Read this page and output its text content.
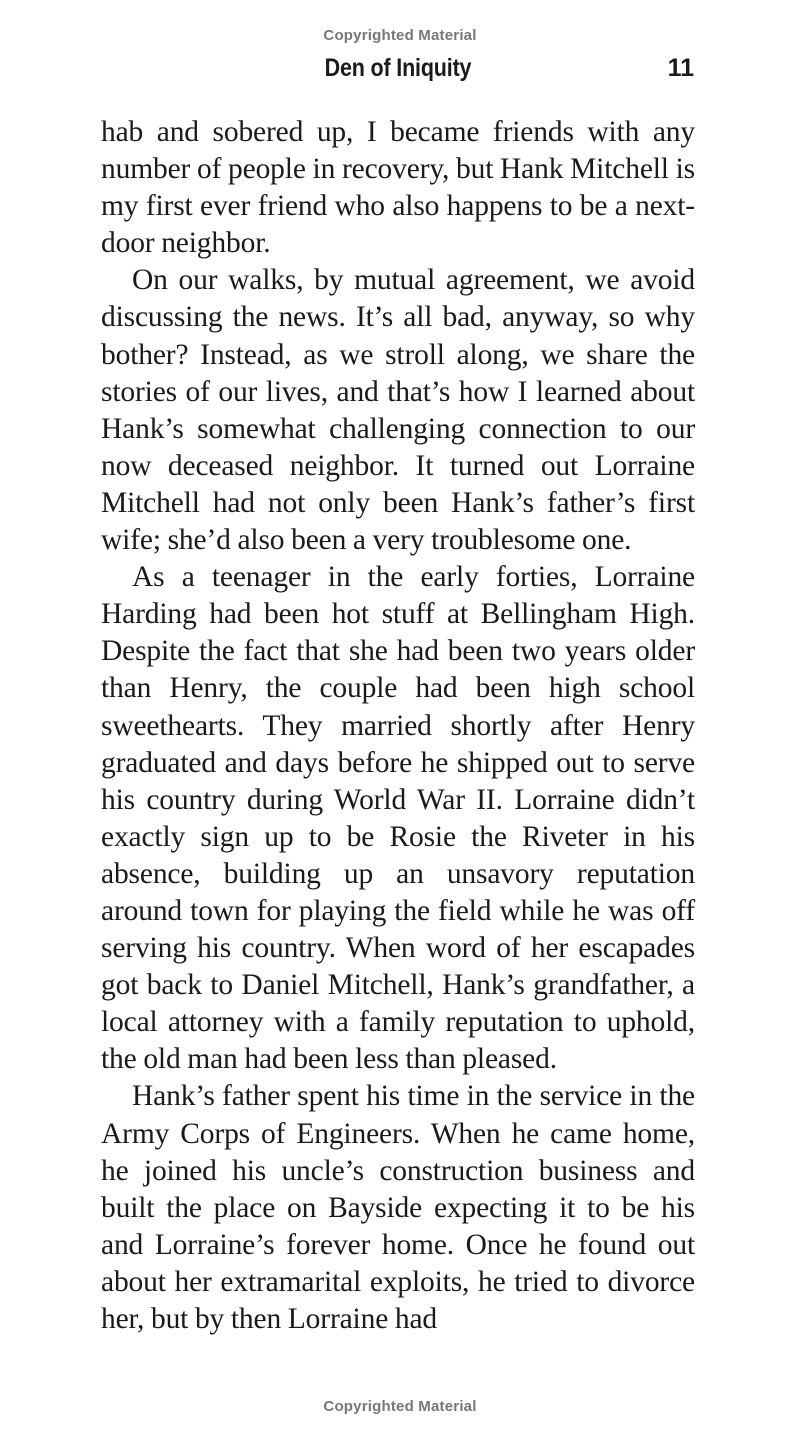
Copyrighted Material
Den of Iniquity	11

hab and sobered up, I became friends with any number of people in recovery, but Hank Mitchell is my first ever friend who also happens to be a next-door neighbor.

On our walks, by mutual agreement, we avoid discussing the news. It’s all bad, anyway, so why bother? Instead, as we stroll along, we share the stories of our lives, and that’s how I learned about Hank’s somewhat challenging connection to our now deceased neighbor. It turned out Lorraine Mitchell had not only been Hank’s father’s first wife; she’d also been a very troublesome one.

As a teenager in the early forties, Lorraine Harding had been hot stuff at Bellingham High. Despite the fact that she had been two years older than Henry, the couple had been high school sweethearts. They married shortly after Henry graduated and days before he shipped out to serve his country during World War II. Lorraine didn’t exactly sign up to be Rosie the Riveter in his absence, building up an unsavory reputation around town for playing the field while he was off serving his country. When word of her escapades got back to Daniel Mitchell, Hank’s grandfather, a local attorney with a family reputation to uphold, the old man had been less than pleased.

Hank’s father spent his time in the service in the Army Corps of Engineers. When he came home, he joined his uncle’s construction business and built the place on Bayside expecting it to be his and Lorraine’s forever home. Once he found out about her extramarital exploits, he tried to divorce her, but by then Lorraine had

Copyrighted Material
